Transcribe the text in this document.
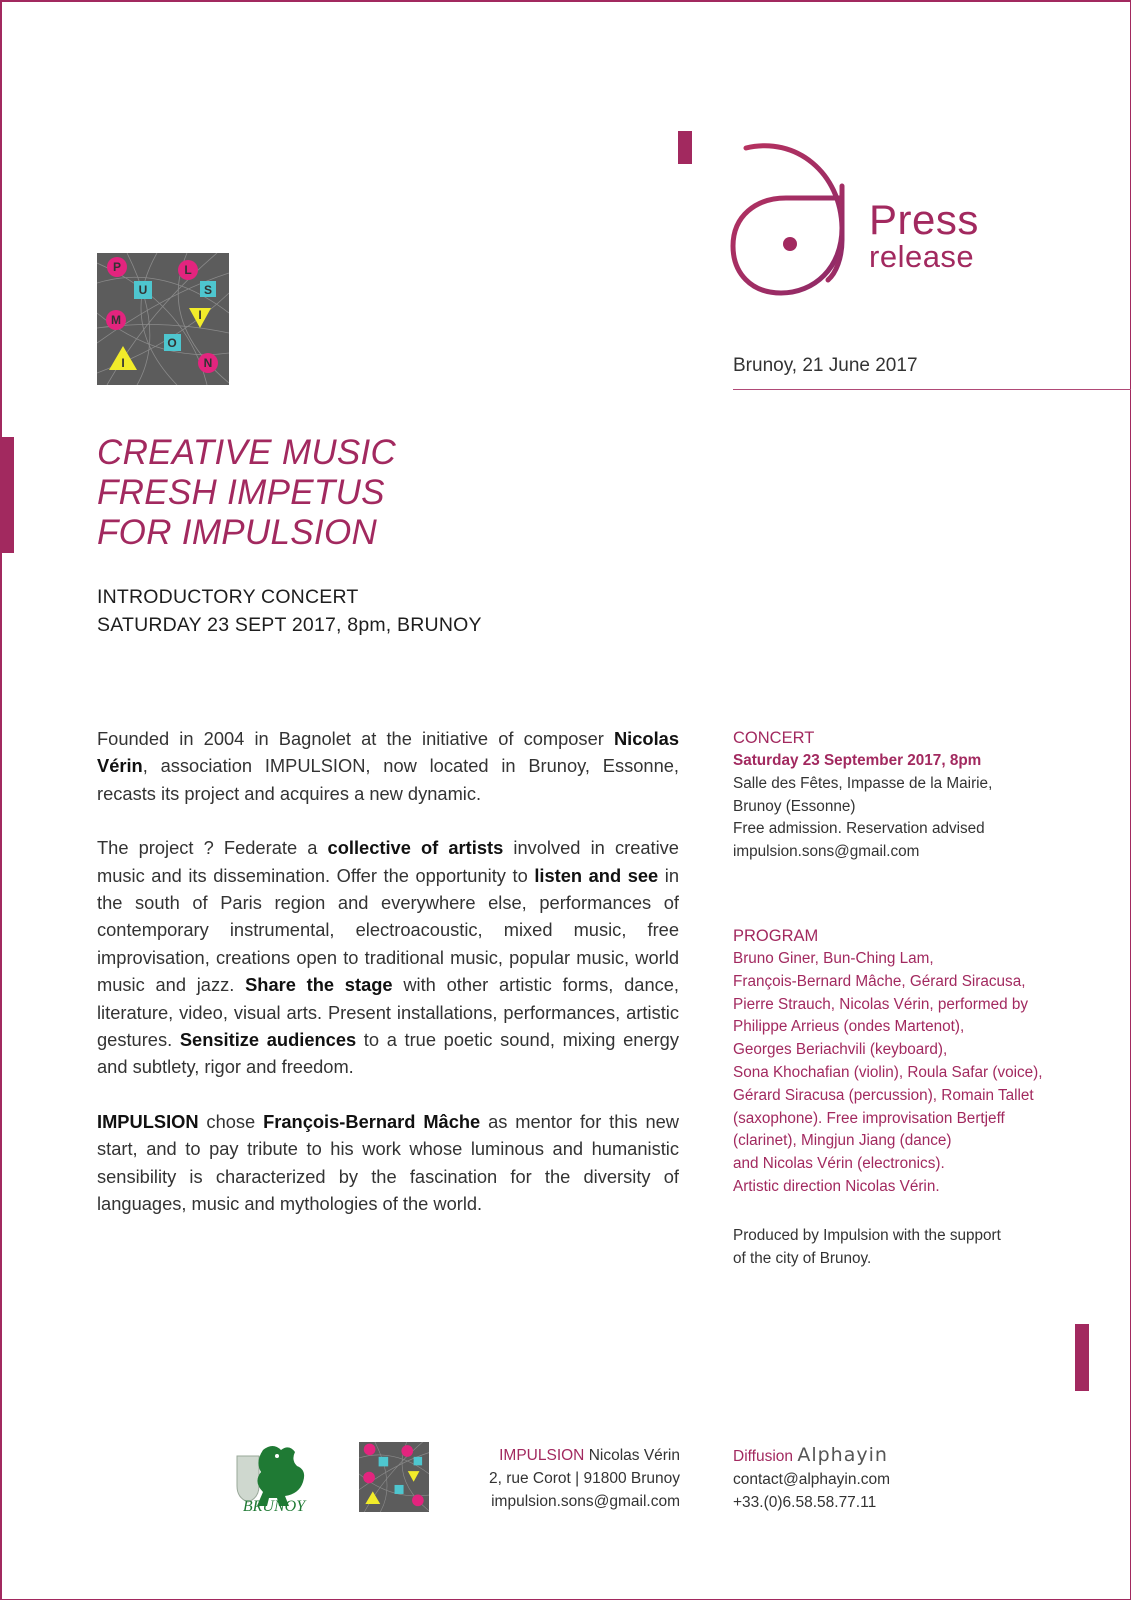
Press
release
Brunoy, 21 June 2017
P
U
L
S
M	I
O
I	N
CREATIVE MUSIC
FRESH IMPETUS
FOR IMPULSION
INTRODUCTORY CONCERT
SATURDAY 23 SEPT 2017, 8pm, BRUNOY

Founded in 2004 in Bagnolet at the initiative of composer Nicolas Vérin, association IMPULSION, now located in Brunoy, Essonne, recasts its project and acquires a new dynamic.

The project ? Federate a collective of artists involved in creative music and its dissemination. Offer the opportunity to listen and see in the south of Paris region and everywhere else, performances of contemporary instrumental, electroacoustic, mixed music, free improvisation, creations open to traditional music, popular music, world music and jazz. Share the stage with other artistic forms, dance, literature, video, visual arts. Present installations, performances, artistic gestures. Sensitize audiences to a true poetic sound, mixing energy and subtlety, rigor and freedom.

IMPULSION chose François-Bernard Mâche as mentor for this new start, and to pay tribute to his work whose luminous and humanistic sensibility is characterized by the fascination for the diversity of languages, music and mythologies of the world.

CONCERT
Saturday 23 September 2017, 8pm
Salle des Fêtes, Impasse de la Mairie,
Brunoy (Essonne)
Free admission. Reservation advised
impulsion.sons@gmail.com
PROGRAM
Bruno Giner, Bun-Ching Lam,
François-Bernard Mâche, Gérard Siracusa,
Pierre Strauch, Nicolas Vérin, performed by
Philippe Arrieus (ondes Martenot),
Georges Beriachvili (keyboard),
Sona Khochafian (violin), Roula Safar (voice),
Gérard Siracusa (percussion), Romain Tallet
(saxophone). Free improvisation Bertjeff
(clarinet), Mingjun Jiang (dance)
and Nicolas Vérin (electronics).
Artistic direction Nicolas Vérin.
Produced by Impulsion with the support
of the city of Brunoy.
BRUNOY
IMPULSION Nicolas Vérin
2, rue Corot | 91800 Brunoy
impulsion.sons@gmail.com
Diffusion Alphayin
contact@alphayin.com
+33.(0)6.58.58.77.11
